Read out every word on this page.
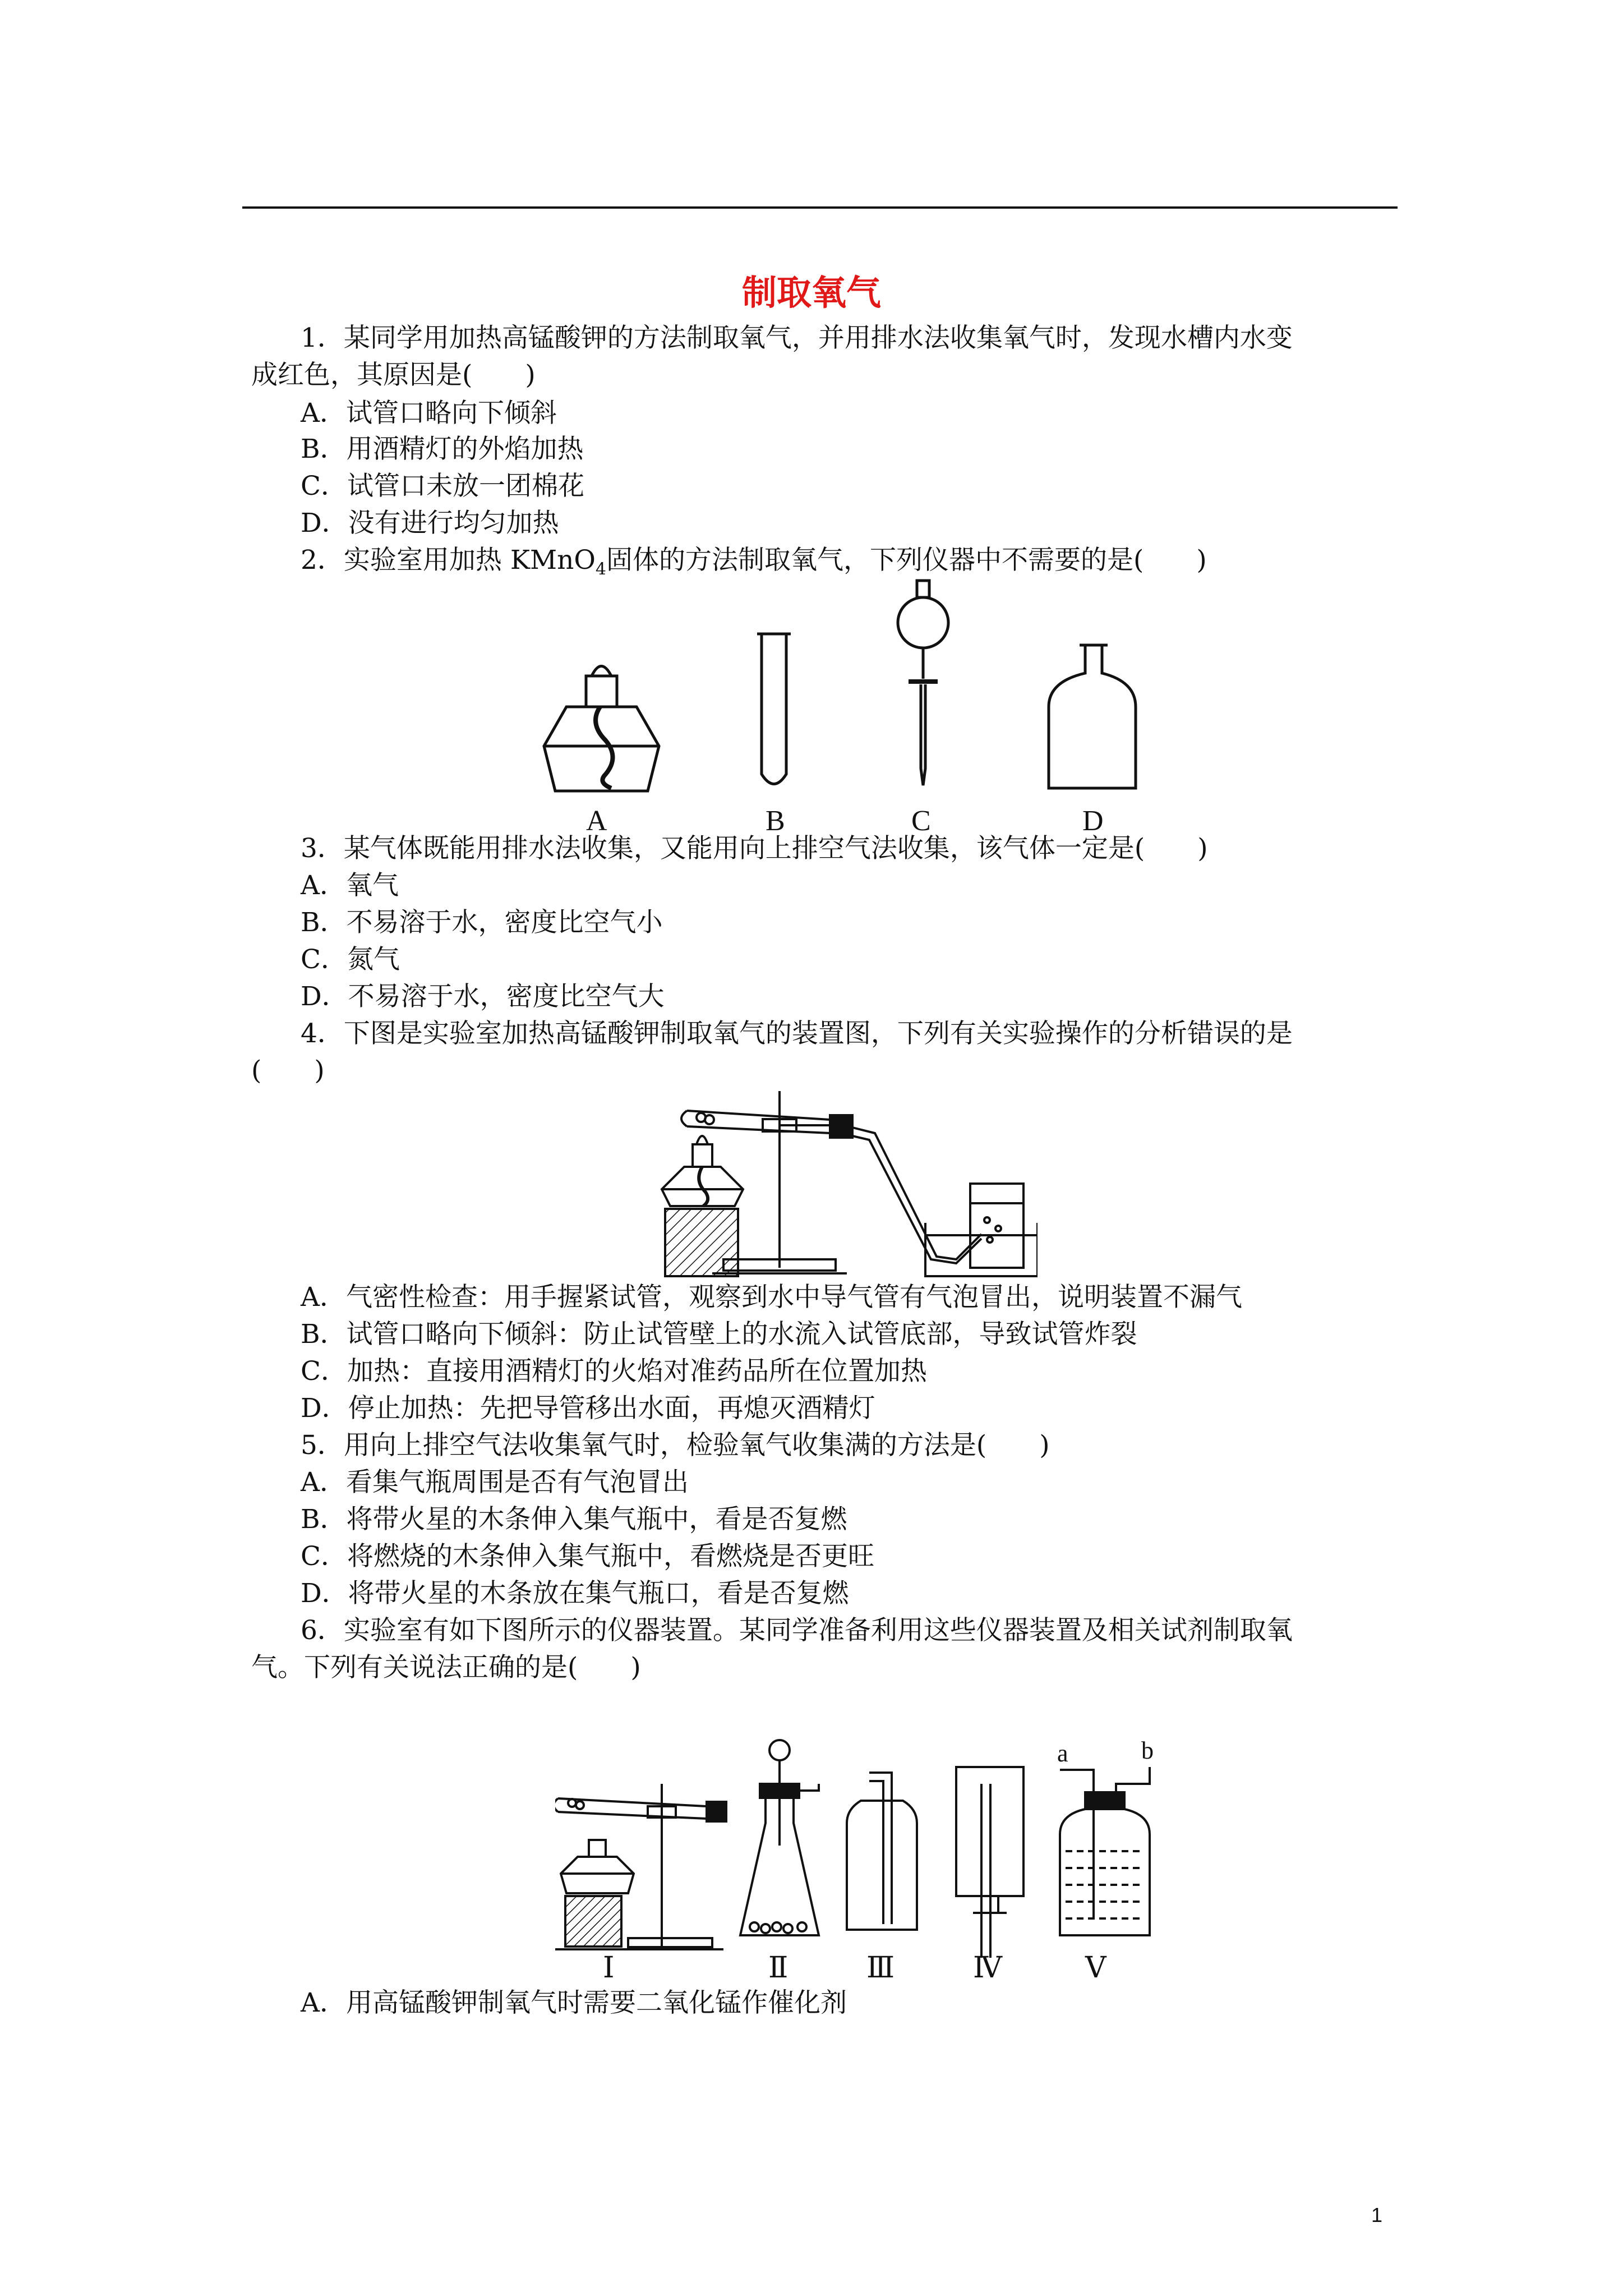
制取氧气
1．某同学用加热高锰酸钾的方法制取氧气，并用排水法收集氧气时，发现水槽内水变
成红色，其原因是(　　)
A．试管口略向下倾斜
B．用酒精灯的外焰加热
C．试管口未放一团棉花
D．没有进行均匀加热
2．实验室用加热 KMnO$_4$固体的方法制取氧气，下列仪器中不需要的是(　　)
A	B	C	D
3．某气体既能用排水法收集，又能用向上排空气法收集，该气体一定是(　　)
A．氧气
B．不易溶于水，密度比空气小
C．氮气
D．不易溶于水，密度比空气大
4．下图是实验室加热高锰酸钾制取氧气的装置图，下列有关实验操作的分析错误的是
(　　)
A．气密性检查：用手握紧试管，观察到水中导气管有气泡冒出，说明装置不漏气
B．试管口略向下倾斜：防止试管壁上的水流入试管底部，导致试管炸裂
C．加热：直接用酒精灯的火焰对准药品所在位置加热
D．停止加热：先把导管移出水面，再熄灭酒精灯
5．用向上排空气法收集氧气时，检验氧气收集满的方法是(　　)
A．看集气瓶周围是否有气泡冒出
B．将带火星的木条伸入集气瓶中，看是否复燃
C．将燃烧的木条伸入集气瓶中，看燃烧是否更旺
D．将带火星的木条放在集气瓶口，看是否复燃
6．实验室有如下图所示的仪器装置。某同学准备利用这些仪器装置及相关试剂制取氧
气。下列有关说法正确的是(　　)
Ⅰ	Ⅱ	Ⅲ	Ⅳ
a	b
Ⅴ
A．用高锰酸钾制氧气时需要二氧化锰作催化剂
1
